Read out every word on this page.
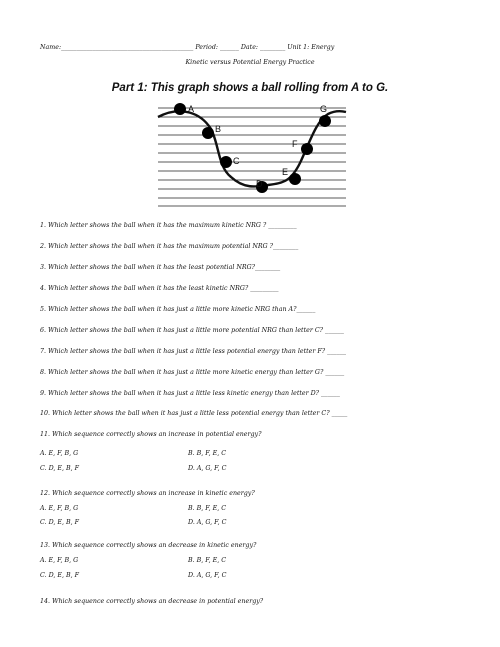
Name:__________________________________________ Period: ______ Date: ________ Unit 1: Energy
Kinetic versus Potential Energy Practice
Part 1: This graph shows a ball rolling from A to G.
A
B
C
D
E
F
G
1. Which letter shows the ball when it has the maximum kinetic NRG ? _________
2. Which letter shows the ball when it has the maximum potential NRG ?________
3. Which letter shows the ball when it has the least potential NRG?________
4. Which letter shows the ball when it has the least kinetic NRG? _________
5. Which letter shows the ball when it has just a little more kinetic NRG than A?______
6. Which letter shows the ball when it has just a little more potential NRG than letter C? ______
7. Which letter shows the ball when it has just a little less potential energy than letter F? ______
8. Which letter shows the ball when it has just a little more kinetic energy than letter G? ______
9. Which letter shows the ball when it has just a little less kinetic energy than letter D? ______
10. Which letter shows the ball when it has just a little less potential energy than letter C? _____
11. Which sequence correctly shows an increase in potential energy?
A. E, F, B, G	B. B, F, E, C
C. D, E, B, F	D. A, G, F, C
12. Which sequence correctly shows an increase in kinetic energy?
A. E, F, B, G	B. B, F, E, C
C. D, E, B, F	D. A, G, F, C
13. Which sequence correctly shows an decrease in kinetic energy?
A. E, F, B, G	B. B, F, E, C
C. D, E, B, F	D. A, G, F, C
14. Which sequence correctly shows an decrease in potential energy?
